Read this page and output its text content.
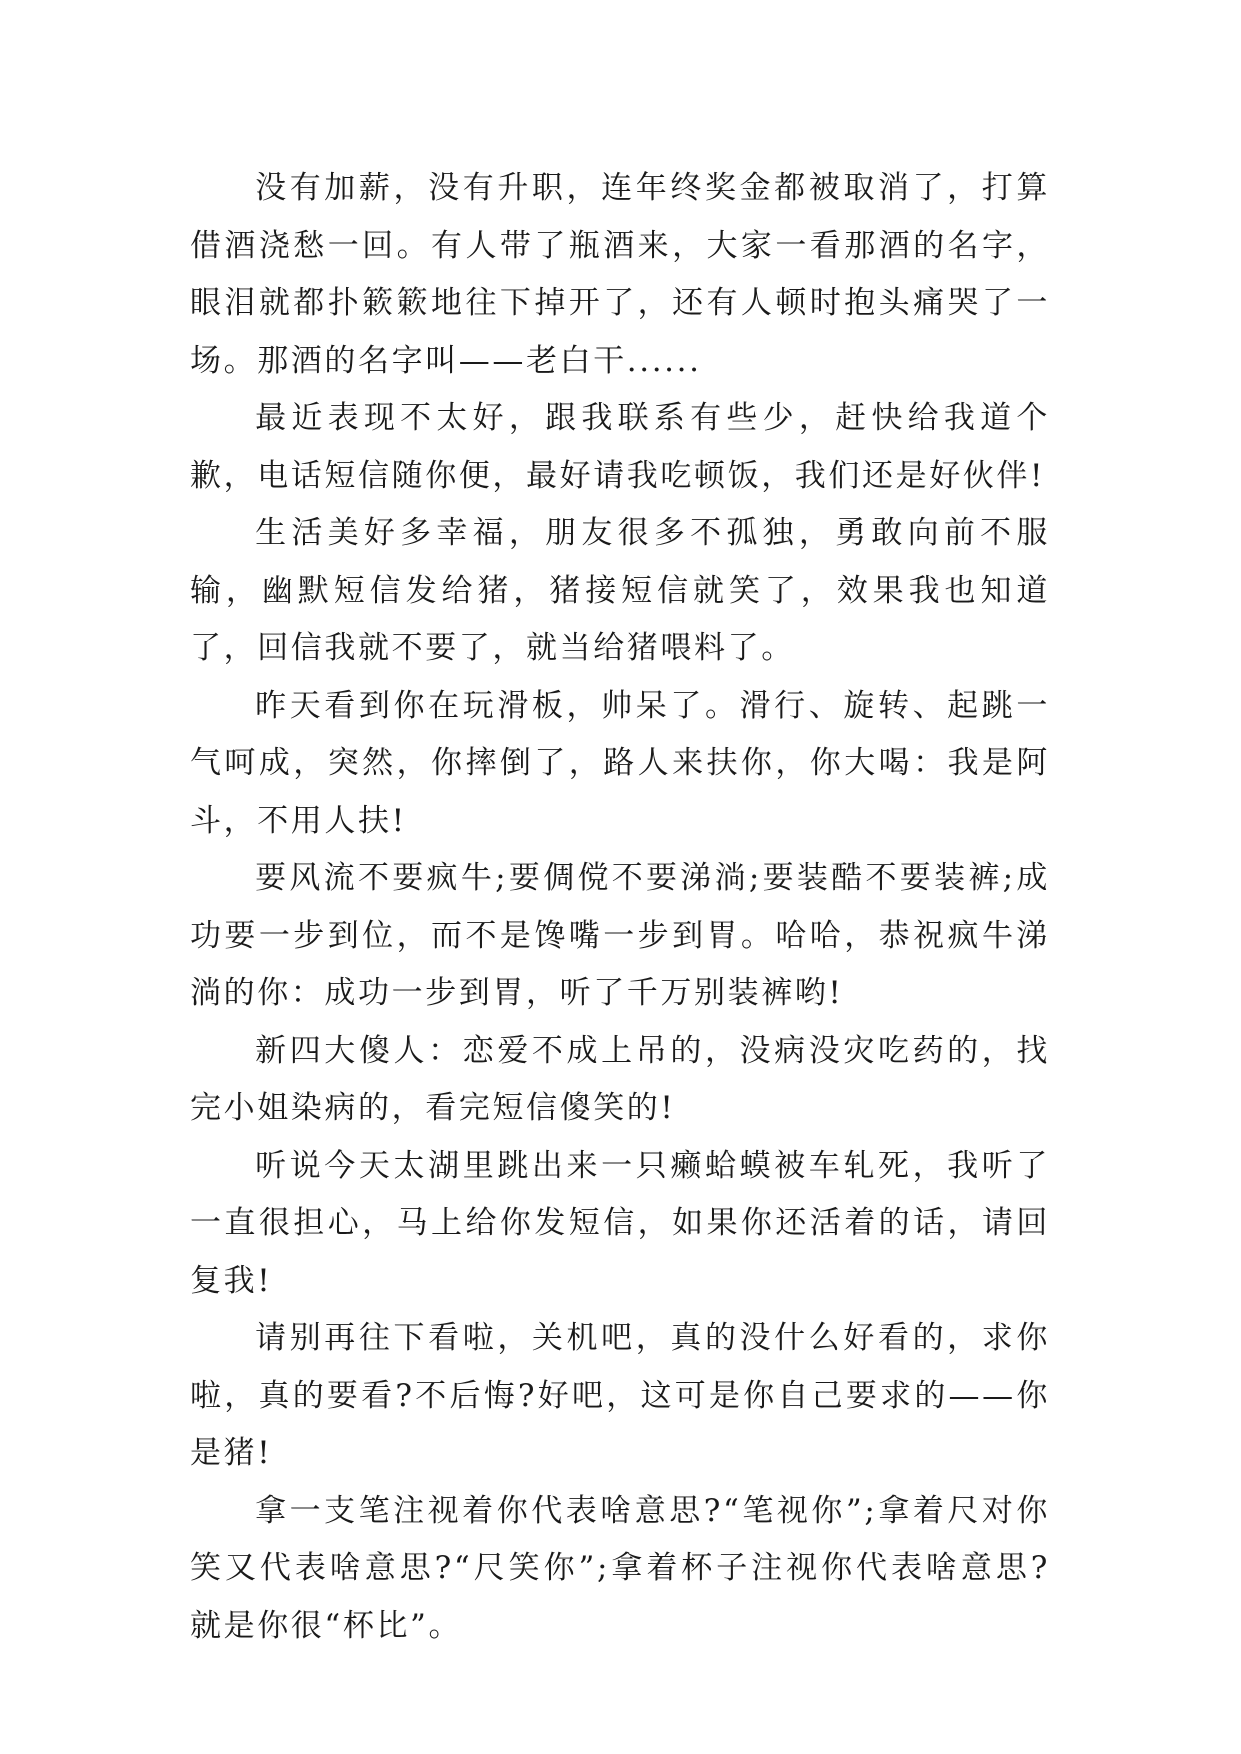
没有加薪，没有升职，连年终奖金都被取消了，打算借酒浇愁一回。有人带了瓶酒来，大家一看那酒的名字，眼泪就都扑簌簌地往下掉开了，还有人顿时抱头痛哭了一场。那酒的名字叫——老白干......

最近表现不太好，跟我联系有些少，赶快给我道个歉，电话短信随你便，最好请我吃顿饭，我们还是好伙伴!

生活美好多幸福，朋友很多不孤独，勇敢向前不服输，幽默短信发给猪，猪接短信就笑了，效果我也知道了，回信我就不要了，就当给猪喂料了。

昨天看到你在玩滑板，帅呆了。滑行、旋转、起跳一气呵成，突然，你摔倒了，路人来扶你，你大喝：我是阿斗，不用人扶!

要风流不要疯牛;要倜傥不要涕淌;要装酷不要装裤;成功要一步到位，而不是馋嘴一步到胃。哈哈，恭祝疯牛涕淌的你：成功一步到胃，听了千万别装裤哟!

新四大傻人：恋爱不成上吊的，没病没灾吃药的，找完小姐染病的，看完短信傻笑的!

听说今天太湖里跳出来一只癞蛤蟆被车轧死，我听了一直很担心，马上给你发短信，如果你还活着的话，请回复我!

请别再往下看啦，关机吧，真的没什么好看的，求你啦，真的要看?不后悔?好吧，这可是你自己要求的——你是猪!

拿一支笔注视着你代表啥意思?“笔视你”;拿着尺对你笑又代表啥意思?“尺笑你”;拿着杯子注视你代表啥意思?就是你很“杯比”。
